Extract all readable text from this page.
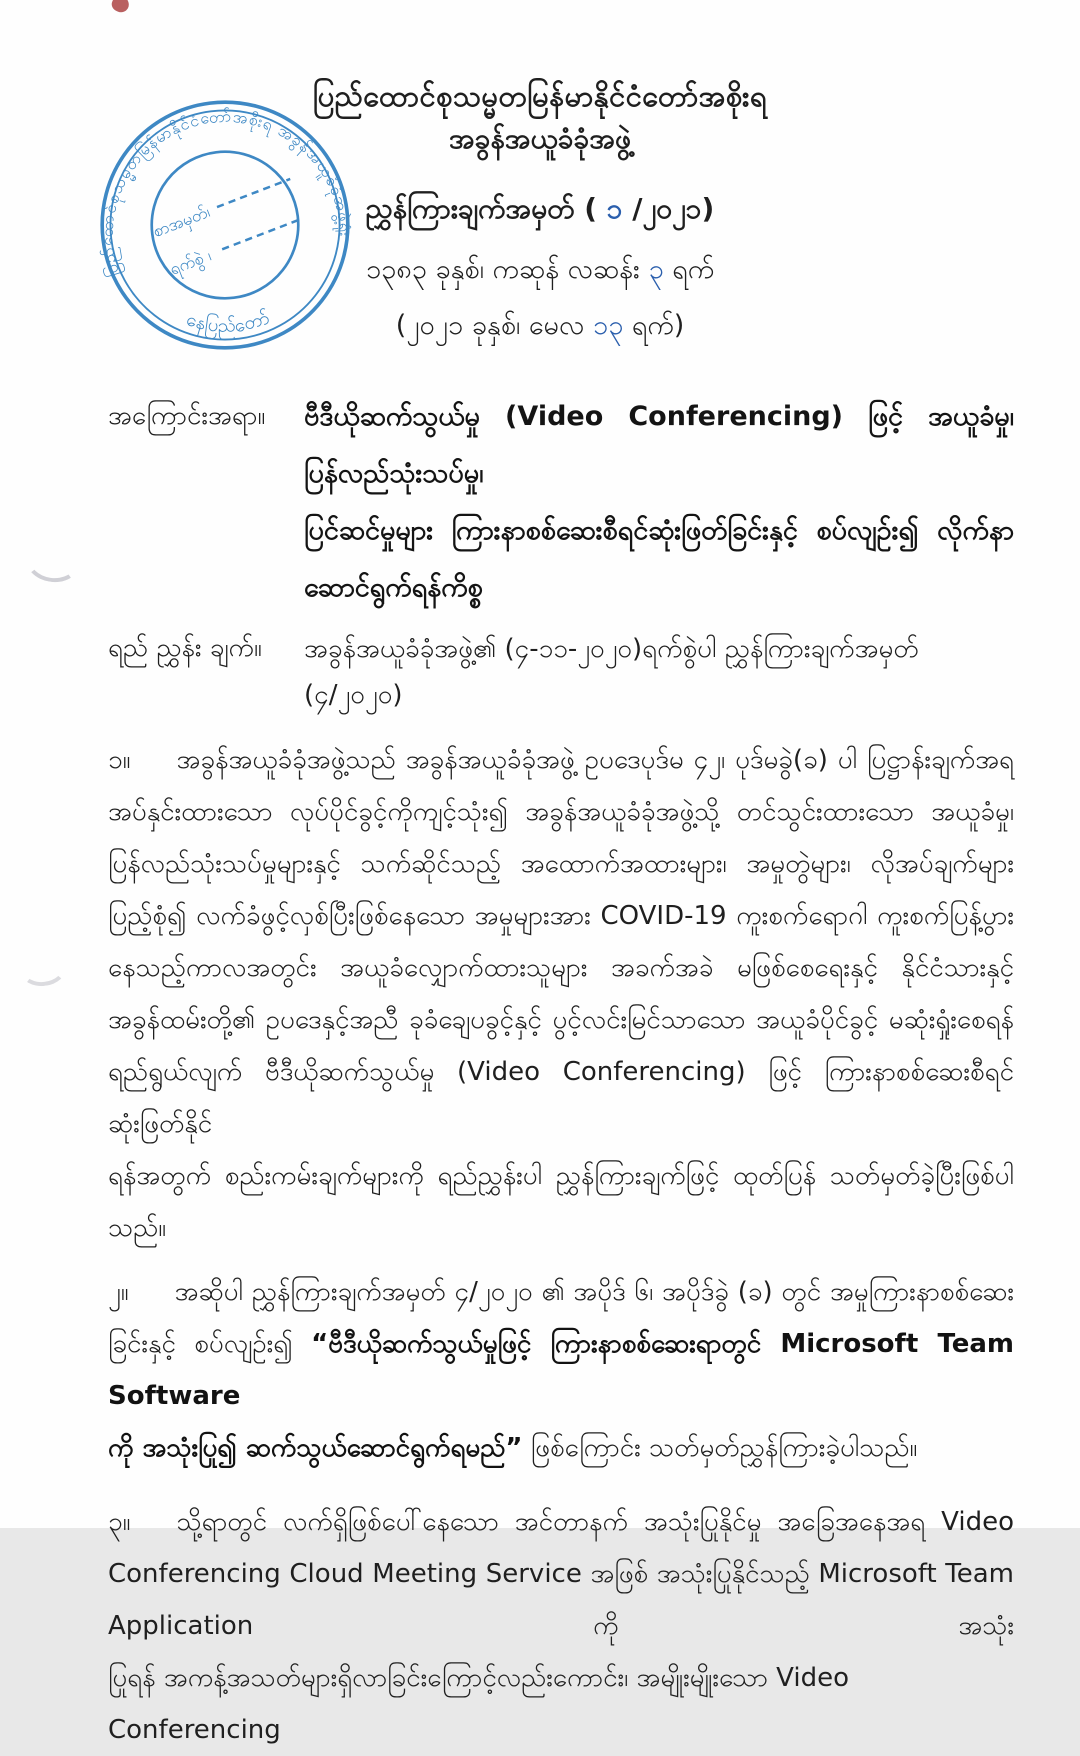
ပြည်ထောင်စုသမ္မတမြန်မာနိုင်ငံတော်အစိုးရ အခွန်အယူခံခုံအဖွဲ့ရုံး
နေပြည်တော်
စာအမှတ်၊
ရက်စွဲ ၊
ပြည်ထောင်စုသမ္မတမြန်မာနိုင်ငံတော်အစိုးရ
အခွန်အယူခံခုံအဖွဲ့
ညွှန်ကြားချက်အမှတ် ( ၁ /၂၀၂၁)
၁၃၈၃ ခုနှစ်၊ ကဆုန် လဆန်း ၃ ရက်
(၂၀၂၁ ခုနှစ်၊ မေလ ၁၃ ရက်)
အကြောင်းအရာ။	ဗီဒီယိုဆက်သွယ်မှု (Video Conferencing) ဖြင့် အယူခံမှု၊ ပြန်လည်သုံးသပ်မှု၊
ပြင်ဆင်မှုများ ကြားနာစစ်ဆေးစီရင်ဆုံးဖြတ်ခြင်းနှင့် စပ်လျဉ်း၍ လိုက်နာ
ဆောင်ရွက်ရန်ကိစ္စ
ရည် ညွှန်း ချက်။	အခွန်အယူခံခုံအဖွဲ့၏ (၄-၁၁-၂၀၂၀)ရက်စွဲပါ ညွှန်ကြားချက်အမှတ် (၄/၂၀၂၀)
၁။ အခွန်အယူခံခုံအဖွဲ့သည် အခွန်အယူခံခုံအဖွဲ့ ဥပဒေပုဒ်မ ၄၂၊ ပုဒ်မခွဲ(ခ) ပါ ပြဋ္ဌာန်းချက်အရ
အပ်နှင်းထားသော လုပ်ပိုင်ခွင့်ကိုကျင့်သုံး၍ အခွန်အယူခံခုံအဖွဲ့သို့ တင်သွင်းထားသော အယူခံမှု၊
ပြန်လည်သုံးသပ်မှုများနှင့် သက်ဆိုင်သည့် အထောက်အထားများ၊ အမှုတွဲများ၊ လိုအပ်ချက်များ
ပြည့်စုံ၍ လက်ခံဖွင့်လှစ်ပြီးဖြစ်နေသော အမှုများအား COVID-19 ကူးစက်ရောဂါ ကူးစက်ပြန့်ပွား
နေသည့်ကာလအတွင်း အယူခံလျှောက်ထားသူများ အခက်အခဲ မဖြစ်စေရေးနှင့် နိုင်ငံသားနှင့်
အခွန်ထမ်းတို့၏ ဥပဒေနှင့်အညီ ခုခံချေပခွင့်နှင့် ပွင့်လင်းမြင်သာသော အယူခံပိုင်ခွင့် မဆုံးရှုံးစေရန်
ရည်ရွယ်လျက် ဗီဒီယိုဆက်သွယ်မှု (Video Conferencing) ဖြင့် ကြားနာစစ်ဆေးစီရင်ဆုံးဖြတ်နိုင်
ရန်အတွက် စည်းကမ်းချက်များကို ရည်ညွှန်းပါ ညွှန်ကြားချက်ဖြင့် ထုတ်ပြန် သတ်မှတ်ခဲ့ပြီးဖြစ်ပါ
သည်။
၂။ အဆိုပါ ညွှန်ကြားချက်အမှတ် ၄/၂၀၂၀ ၏ အပိုဒ် ၆၊ အပိုဒ်ခွဲ (ခ) တွင် အမှုကြားနာစစ်ဆေး
ခြင်းနှင့် စပ်လျဉ်း၍ “ဗီဒီယိုဆက်သွယ်မှုဖြင့် ကြားနာစစ်ဆေးရာတွင် Microsoft Team Software
ကို အသုံးပြု၍ ဆက်သွယ်ဆောင်ရွက်ရမည်” ဖြစ်ကြောင်း သတ်မှတ်ညွှန်ကြားခဲ့ပါသည်။
၃။ သို့ရာတွင် လက်ရှိဖြစ်ပေါ်နေသော အင်တာနက် အသုံးပြုနိုင်မှု အခြေအနေအရ Video
Conferencing Cloud Meeting Service အဖြစ် အသုံးပြုနိုင်သည့် Microsoft Team Application ကို အသုံး
ပြုရန် အကန့်အသတ်များရှိလာခြင်းကြောင့်လည်းကောင်း၊ အမျိုးမျိုးသော Video Conferencing
